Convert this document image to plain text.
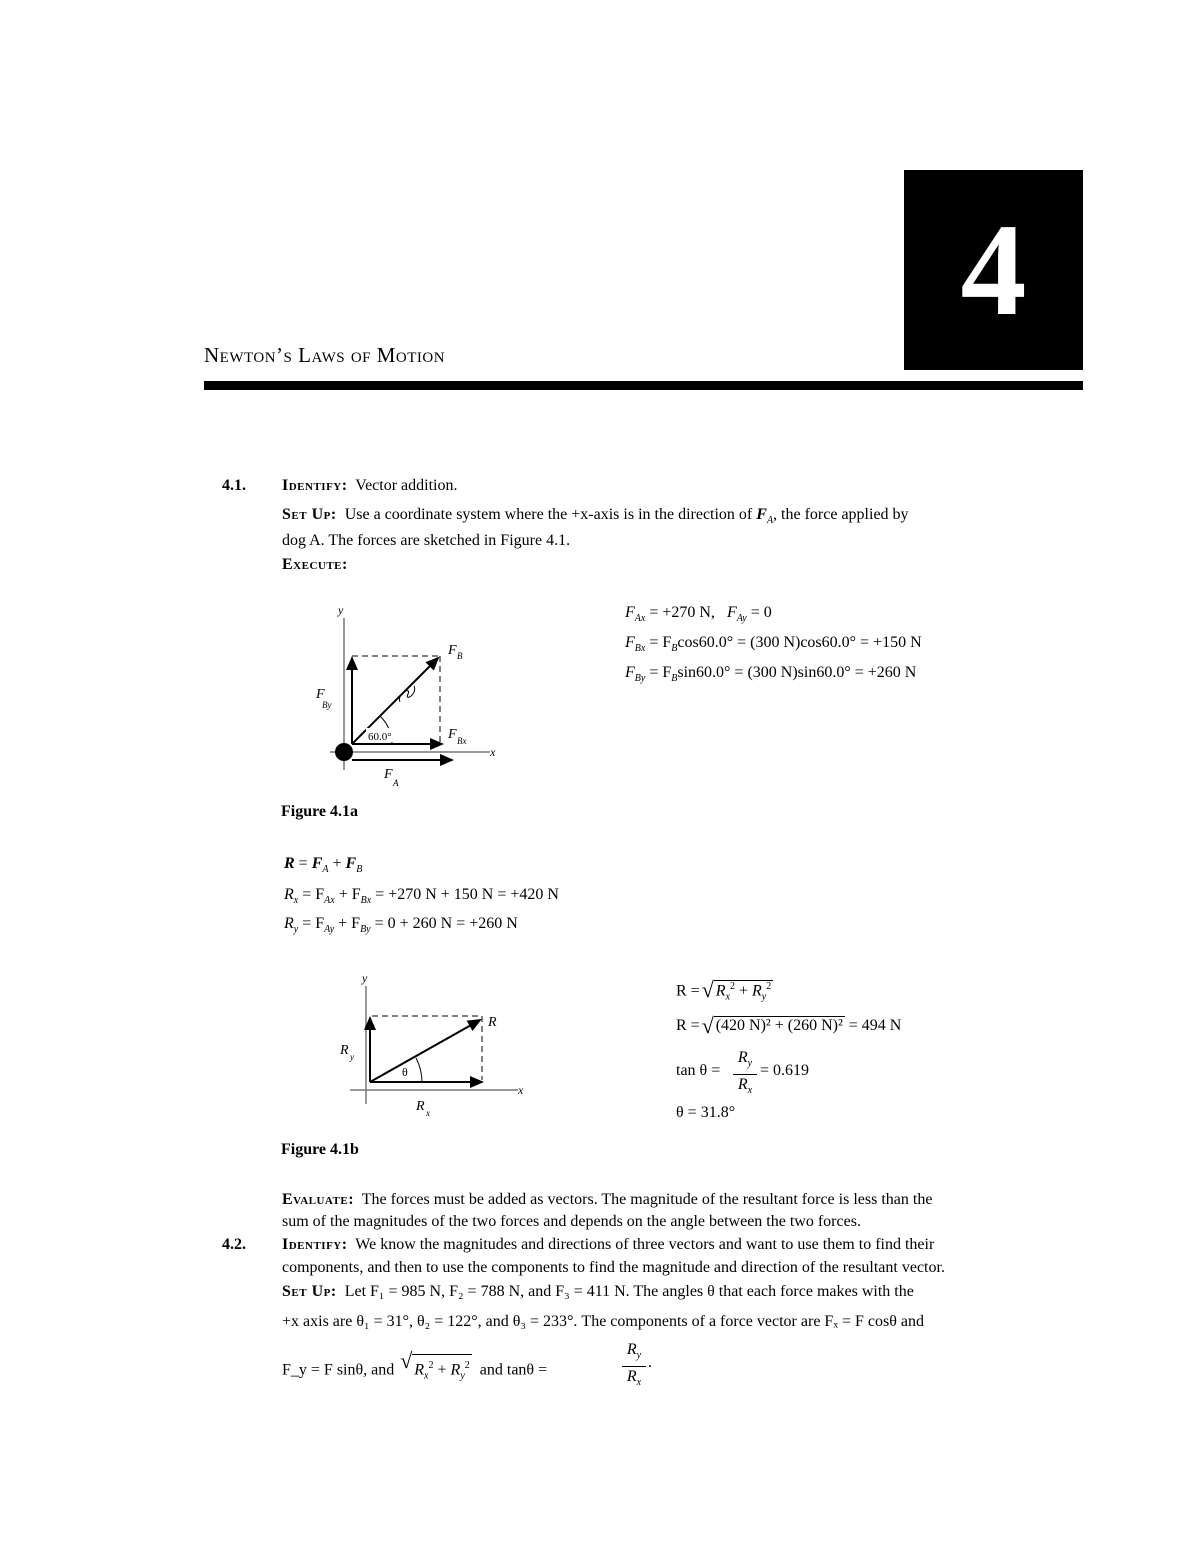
4
Newton’s Laws of Motion
4.1. Identify: Vector addition.
Set Up: Use a coordinate system where the +x-axis is in the direction of $F_A$, the force applied by
dog A. The forces are sketched in Figure 4.1.
Execute:
y
x
F B
F
By
F Bx
F
A
60.0°
$F_{Ax} = +270$ N, $F_{Ay} = 0$
$F_{Bx} = F_B\cos 60.0^\circ = (300$ N)cos60.0° = +150 N
$F_{By} = F_B\sin 60.0^\circ = (300$ N)sin60.0° = +260 N
Figure 4.1a
$R = F_A + F_B$
$R_x = F_{Ax} + F_{Bx} = +270$ N + 150 N = +420 N
$R_y = F_{Ay} + F_{By} = 0 + 260$ N = +260 N
y
x
R
R y
R x
θ
R = √ $R_x^2 + R_y^2$
R = √ (420 N)² + (260 N)² = 494 N
tan θ =
$R_y$
$R_x$
= 0.619
θ = 31.8°
Figure 4.1b
Evaluate: The forces must be added as vectors. The magnitude of the resultant force is less than the
sum of the magnitudes of the two forces and depends on the angle between the two forces.
4.2. Identify: We know the magnitudes and directions of three vectors and want to use them to find their
components, and then to use the components to find the magnitude and direction of the resultant vector.
Set Up: Let F₁ = 985 N, F₂ = 788 N, and F₃ = 411 N. The angles θ that each force makes with the
+x axis are θ₁ = 31°, θ₂ = 122°, and θ₃ = 233°. The components of a force vector are Fₓ = F cosθ and
F_y = F sinθ, and √ $R_x^2 + R_y^2$ and tanθ =
$R_y$
$R_x$
.
